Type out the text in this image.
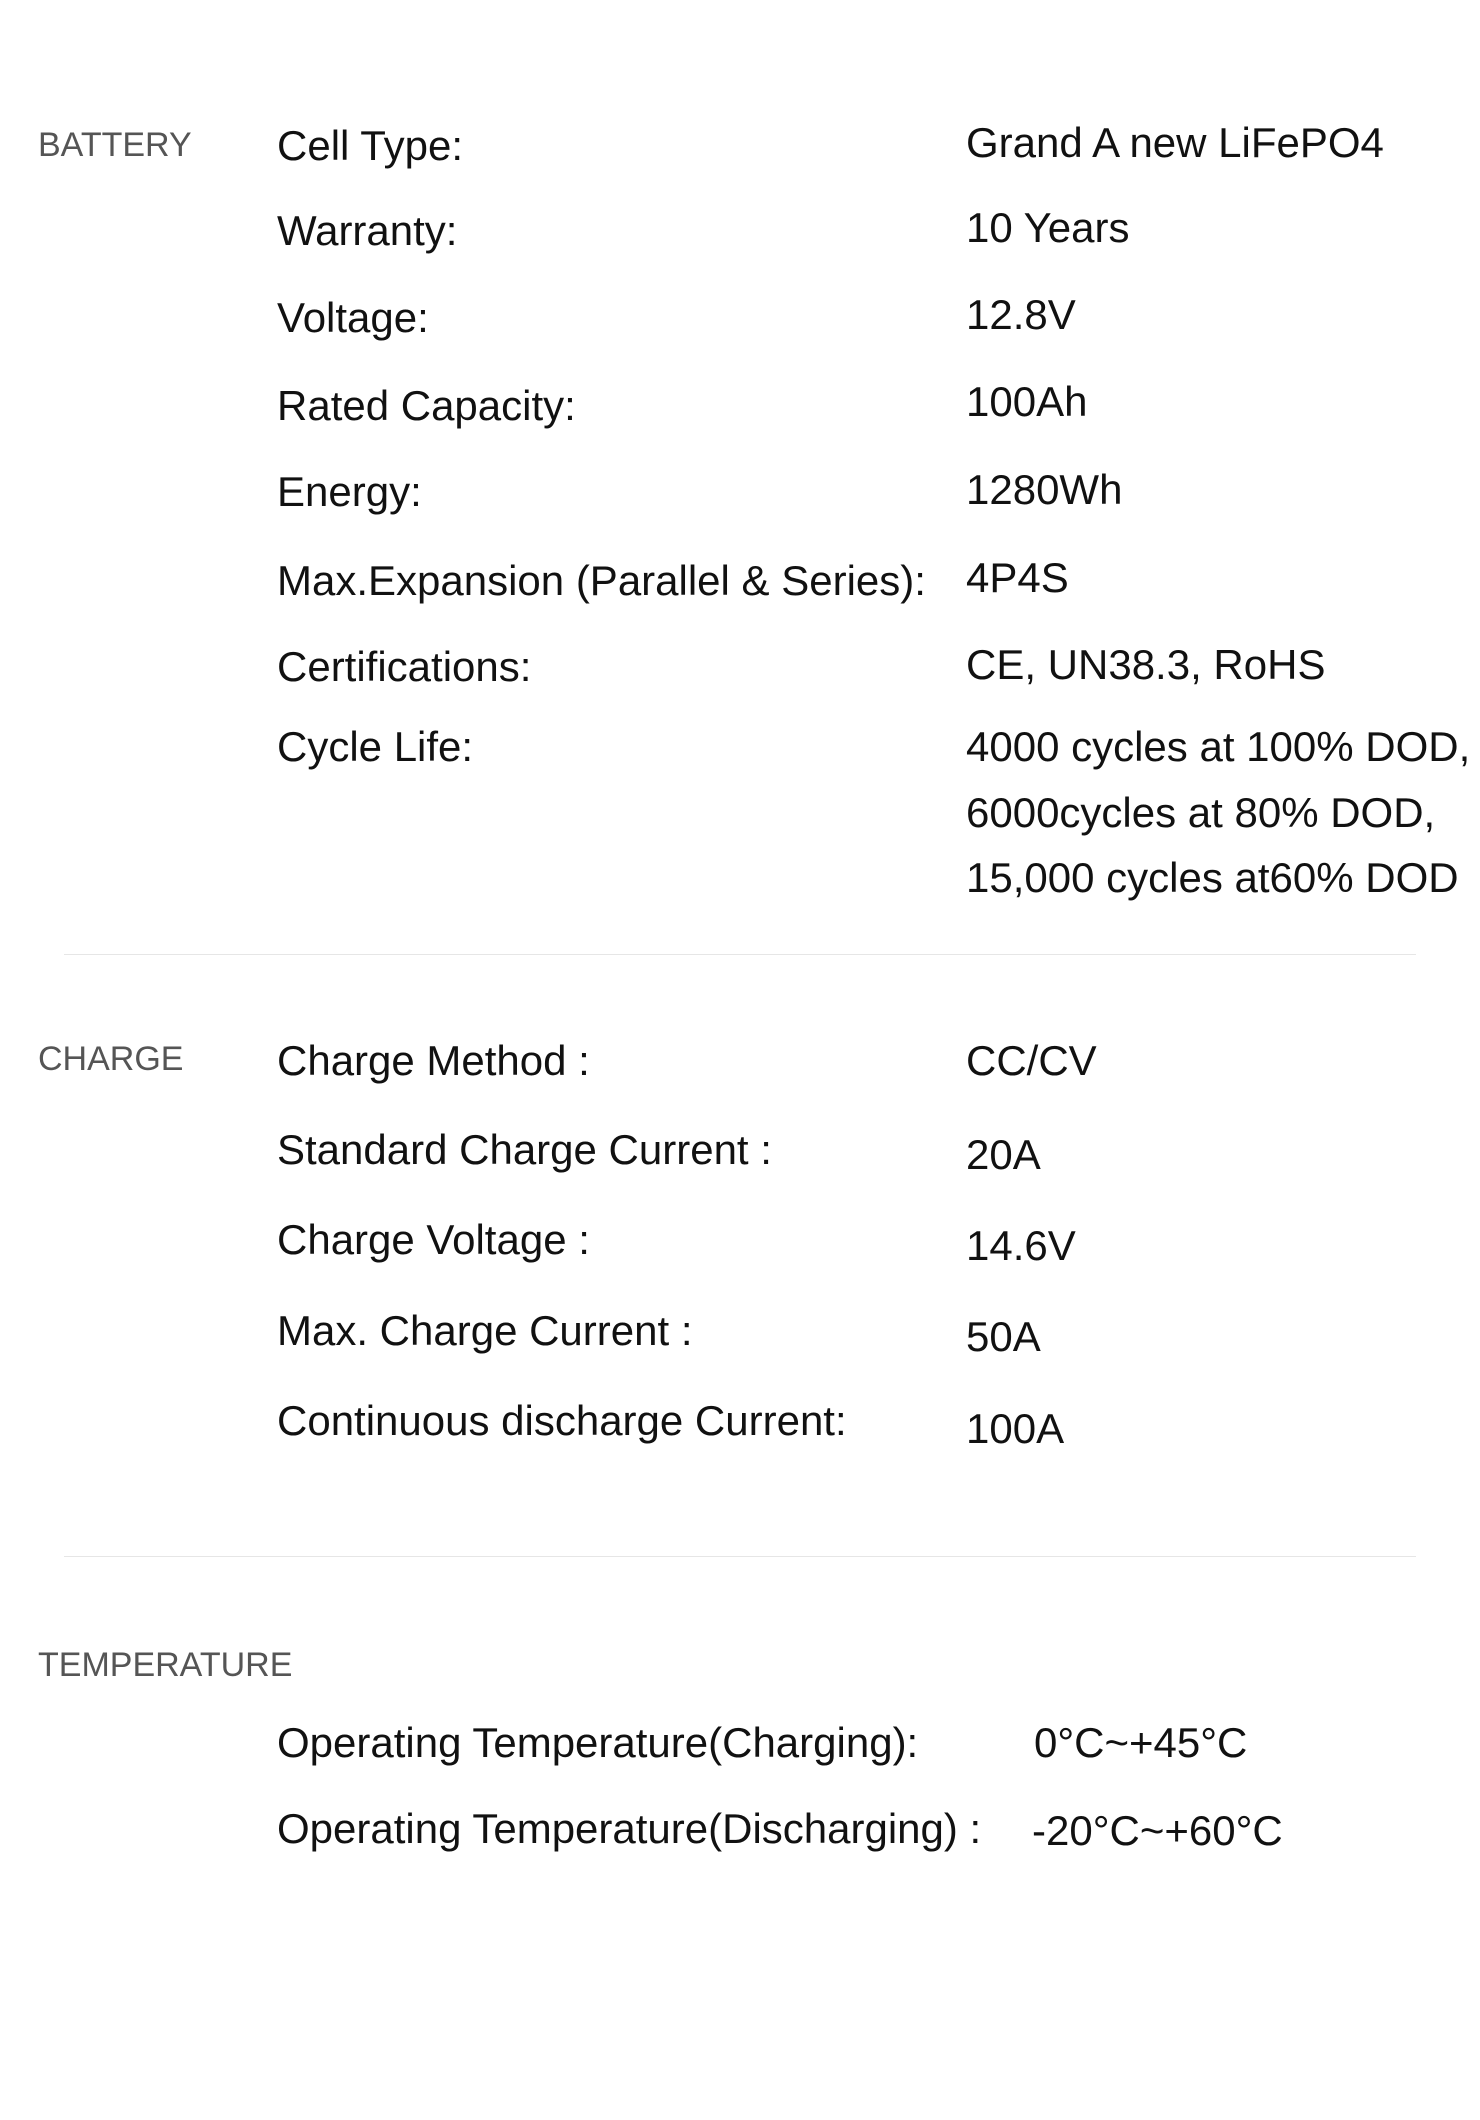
BATTERY Cell Type:	Grand A new LiFePO4
Warranty:	10 Years
Voltage:	12.8V
Rated Capacity:	100Ah
Energy:	1280Wh
Max.Expansion (Parallel & Series): 4P4S
Certifications:	CE, UN38.3, RoHS
Cycle Life:	4000 cycles at 100% DOD,
6000cycles at 80% DOD,
15,000 cycles at60% DOD
CHARGE Charge Method :	CC/CV
Standard Charge Current :	20A
Charge Voltage :	14.6V
Max. Charge Current :	50A
Continuous discharge Current:	100A
TEMPERATURE
Operating Temperature(Charging):	0°C~+45°C
Operating Temperature(Discharging) : -20°C~+60°C
